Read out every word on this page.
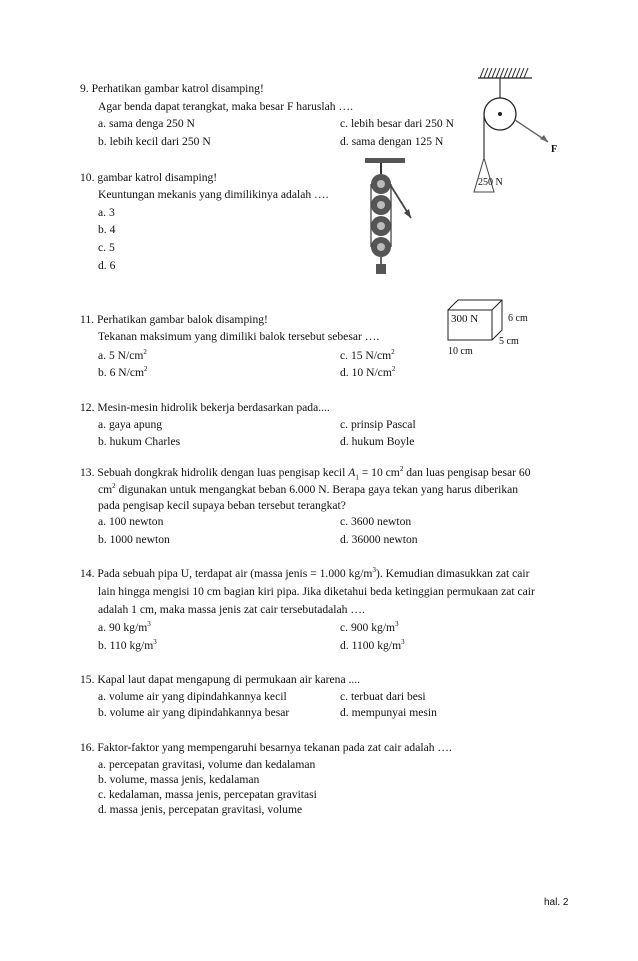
9. Perhatikan gambar katrol disamping!
Agar benda dapat terangkat, maka besar F haruslah ….
a. sama denga 250 N
b. lebih kecil dari 250 N
c. lebih besar dari 250 N
d. sama dengan 125 N
F
250 N
10. gambar katrol disamping!
Keuntungan mekanis yang dimilikinya adalah ….
a. 3
b. 4
c. 5
d. 6
11. Perhatikan gambar balok disamping!
Tekanan maksimum yang dimiliki balok tersebut sebesar ….
a. 5 $N/cm^2$
b. 6 $N/cm^2$
c. 15 $N/cm^2$
d. 10 $N/cm^2$
300 N	6 cm
5 cm
10 cm
12. Mesin-mesin hidrolik bekerja berdasarkan pada....
a. gaya apung
b. hukum Charles
c. prinsip Pascal
d. hukum Boyle
13. Sebuah dongkrak hidrolik dengan luas pengisap kecil $A_1 = 10$ $cm^2$ dan luas pengisap besar 60
$cm^2$ digunakan untuk mengangkat beban 6.000 N. Berapa gaya tekan yang harus diberikan
pada pengisap kecil supaya beban tersebut terangkat?
a. 100 newton
b. 1000 newton
c. 3600 newton
d. 36000 newton
14. Pada sebuah pipa U, terdapat air (massa jenis = 1.000 $kg/m^3$). Kemudian dimasukkan zat cair
lain hingga mengisi 10 cm bagian kiri pipa. Jika diketahui beda ketinggian permukaan zat cair
adalah 1 cm, maka massa jenis zat cair tersebutadalah ….
a. 90 $kg/m^3$
b. 110 $kg/m^3$
c. 900 $kg/m^3$
d. 1100 $kg/m^3$
15. Kapal laut dapat mengapung di permukaan air karena ....
a. volume air yang dipindahkannya kecil
b. volume air yang dipindahkannya besar
c. terbuat dari besi
d. mempunyai mesin
16. Faktor-faktor yang mempengaruhi besarnya tekanan pada zat cair adalah ….
a. percepatan gravitasi, volume dan kedalaman
b. volume, massa jenis, kedalaman
c. kedalaman, massa jenis, percepatan gravitasi
d. massa jenis, percepatan gravitasi, volume
hal. 2
